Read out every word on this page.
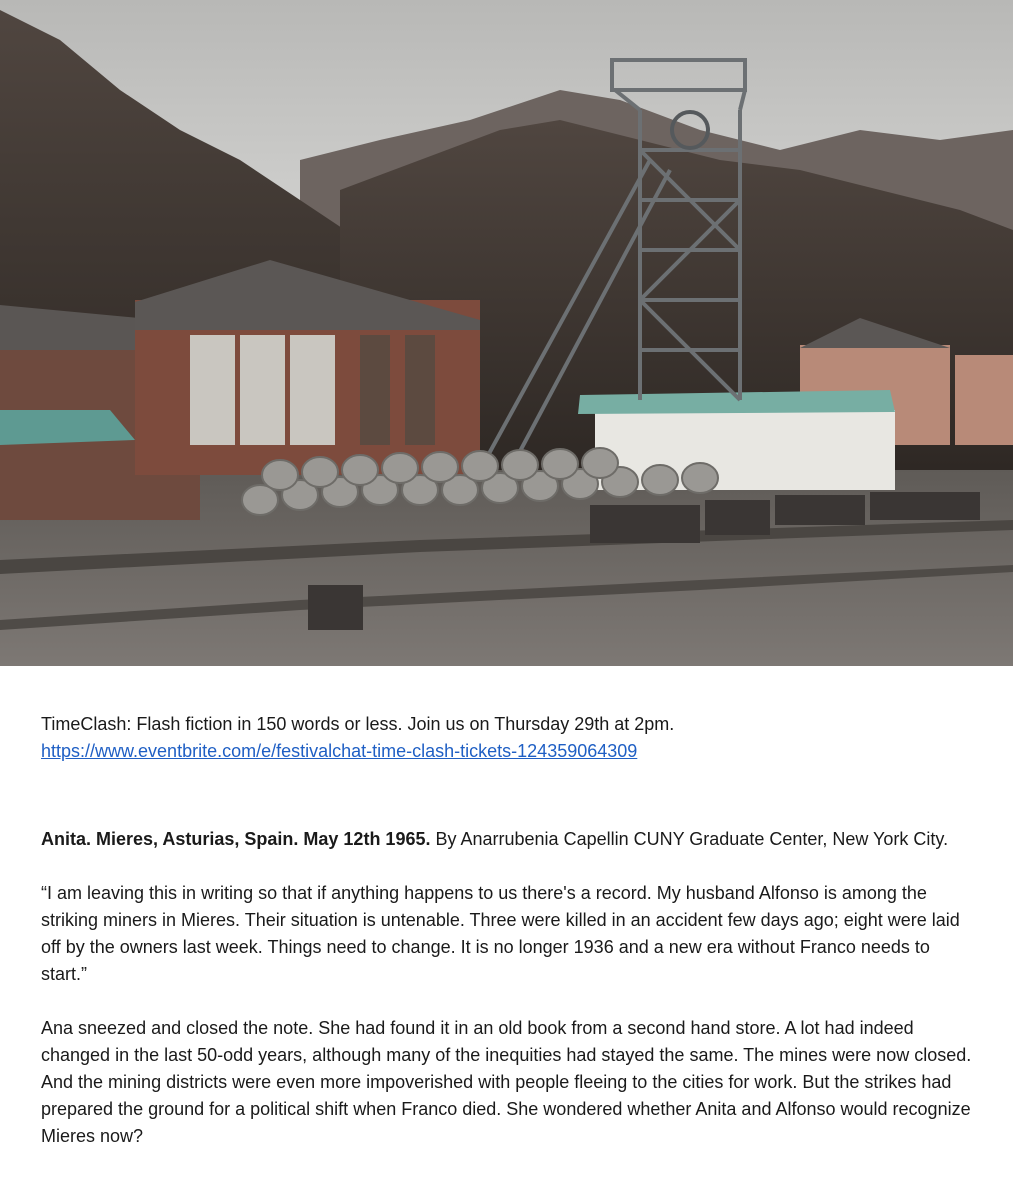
TimeClash: Flash fiction in 150 words or less. Join us on Thursday 29th at 2pm.
https://www.eventbrite.com/e/festivalchat-time-clash-tickets-124359064309

Anita. Mieres, Asturias, Spain. May 12th 1965. By Anarrubenia Capellin CUNY Graduate Center, New York City.

“I am leaving this in writing so that if anything happens to us there's a record. My husband Alfonso is among the striking miners in Mieres. Their situation is untenable. Three were killed in an accident few days ago; eight were laid off by the owners last week. Things need to change. It is no longer 1936 and a new era without Franco needs to start.”

Ana sneezed and closed the note. She had found it in an old book from a second hand store. A lot had indeed changed in the last 50-odd years, although many of the inequities had stayed the same. The mines were now closed. And the mining districts were even more impoverished with people fleeing to the cities for work. But the strikes had prepared the ground for a political shift when Franco died. She wondered whether Anita and Alfonso would recognize Mieres now?
